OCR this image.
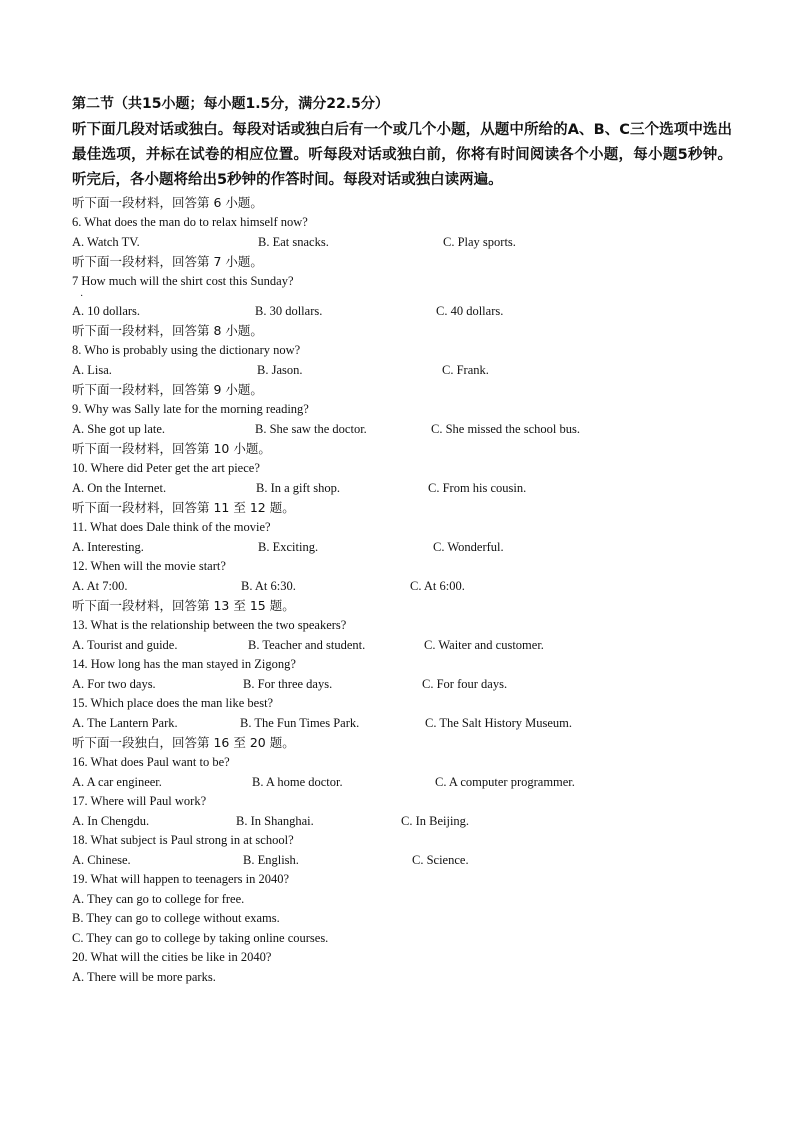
第二节（共15小题；每小题1.5分，满分22.5分）

听下面几段对话或独白。每段对话或独白后有一个或几个小题，从题中所给的A、B、C三个选项中选出最佳选项，并标在试卷的相应位置。听每段对话或独白前，你将有时间阅读各个小题，每小题5秒钟。听完后，各小题将给出5秒钟的作答时间。每段对话或独白读两遍。

听下面一段材料，回答第 6 小题。

6. What does the man do to relax himself now?

A. Watch TV.	B. Eat snacks.	C. Play sports.

听下面一段材料，回答第 7 小题。

7 How much will the shirt cost this Sunday?

·
A. 10 dollars.	B. 30 dollars.	C. 40 dollars.

听下面一段材料，回答第 8 小题。

8. Who is probably using the dictionary now?

A. Lisa.	B. Jason.	C. Frank.

听下面一段材料，回答第 9 小题。

9. Why was Sally late for the morning reading?

A. She got up late.	B. She saw the doctor.	C. She missed the school bus.

听下面一段材料，回答第 10 小题。

10. Where did Peter get the art piece?

A. On the Internet.	B. In a gift shop.	C. From his cousin.

听下面一段材料，回答第 11 至 12 题。

11. What does Dale think of the movie?

A. Interesting.	B. Exciting.	C. Wonderful.

12. When will the movie start?

A. At 7:00.	B. At 6:30.	C. At 6:00.

听下面一段材料，回答第 13 至 15 题。

13. What is the relationship between the two speakers?

A. Tourist and guide.	B. Teacher and student.	C. Waiter and customer.

14. How long has the man stayed in Zigong?

A. For two days.	B. For three days.	C. For four days.

15. Which place does the man like best?

A. The Lantern Park.	B. The Fun Times Park.	C. The Salt History Museum.

听下面一段独白，回答第 16 至 20 题。

16. What does Paul want to be?

A. A car engineer.	B. A home doctor.	C. A computer programmer.

17. Where will Paul work?

A. In Chengdu.	B. In Shanghai.	C. In Beijing.

18. What subject is Paul strong in at school?

A. Chinese.	B. English.	C. Science.

19. What will happen to teenagers in 2040?

A. They can go to college for free.

B. They can go to college without exams.

C. They can go to college by taking online courses.

20. What will the cities be like in 2040?

A. There will be more parks.
